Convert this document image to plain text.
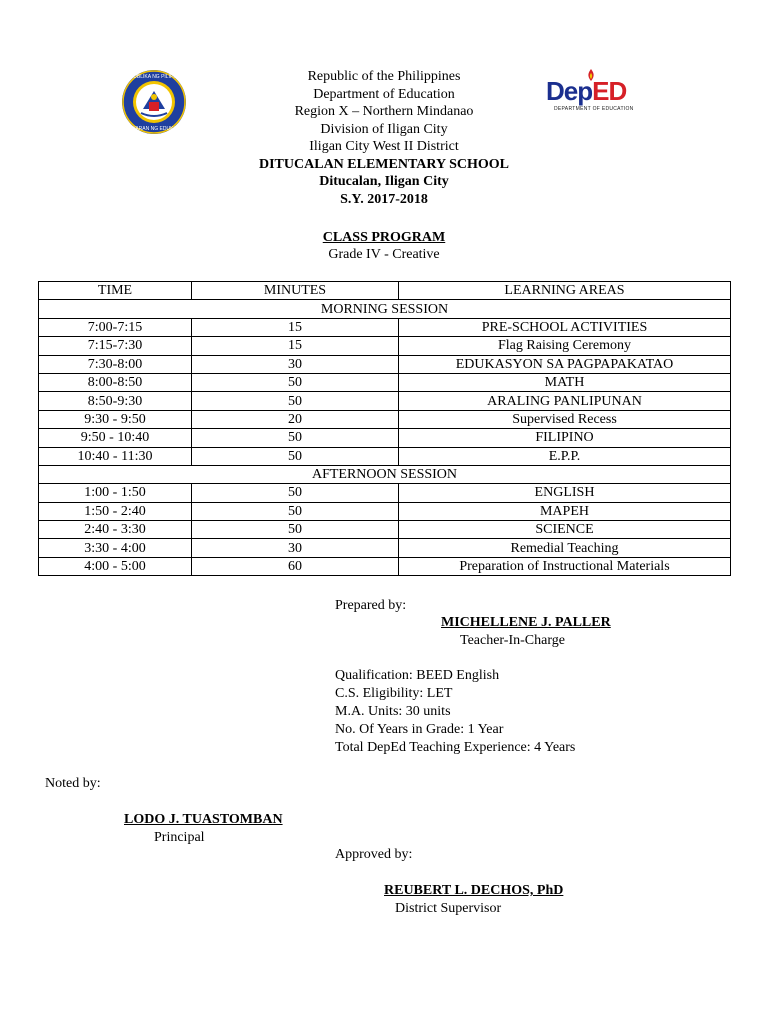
REPUBLIKA NG PILIPINAS
KAGAWARAN NG EDUKASYON
DepED
DEPARTMENT OF EDUCATION
Republic of the Philippines
Department of Education
Region X – Northern Mindanao
Division of Iligan City
Iligan City West II District
DITUCALAN ELEMENTARY SCHOOL
Ditucalan, Iligan City
S.Y. 2017-2018
CLASS PROGRAM
Grade IV - Creative
TIME	MINUTES	LEARNING AREAS
MORNING SESSION		
7:00-7:15	15	PRE-SCHOOL ACTIVITIES
7:15-7:30	15	Flag Raising Ceremony
7:30-8:00	30	EDUKASYON SA PAGPAPAKATAO
8:00-8:50	50	MATH
8:50-9:30	50	ARALING PANLIPUNAN
9:30 - 9:50	20	Supervised Recess
9:50 - 10:40	50	FILIPINO
10:40 - 11:30	50	E.P.P.
AFTERNOON SESSION		
1:00 - 1:50	50	ENGLISH
1:50 - 2:40	50	MAPEH
2:40 - 3:30	50	SCIENCE
3:30 - 4:00	30	Remedial Teaching
4:00 - 5:00	60	Preparation of Instructional Materials
Prepared by:
MICHELLENE J. PALLER
Teacher-In-Charge
Qualification: BEED English
C.S. Eligibility: LET
M.A. Units: 30 units
No. Of Years in Grade: 1 Year
Total DepEd Teaching Experience: 4 Years
Noted by:
LODO J. TUASTOMBAN
Principal
Approved by:
REUBERT L. DECHOS, PhD
District Supervisor
